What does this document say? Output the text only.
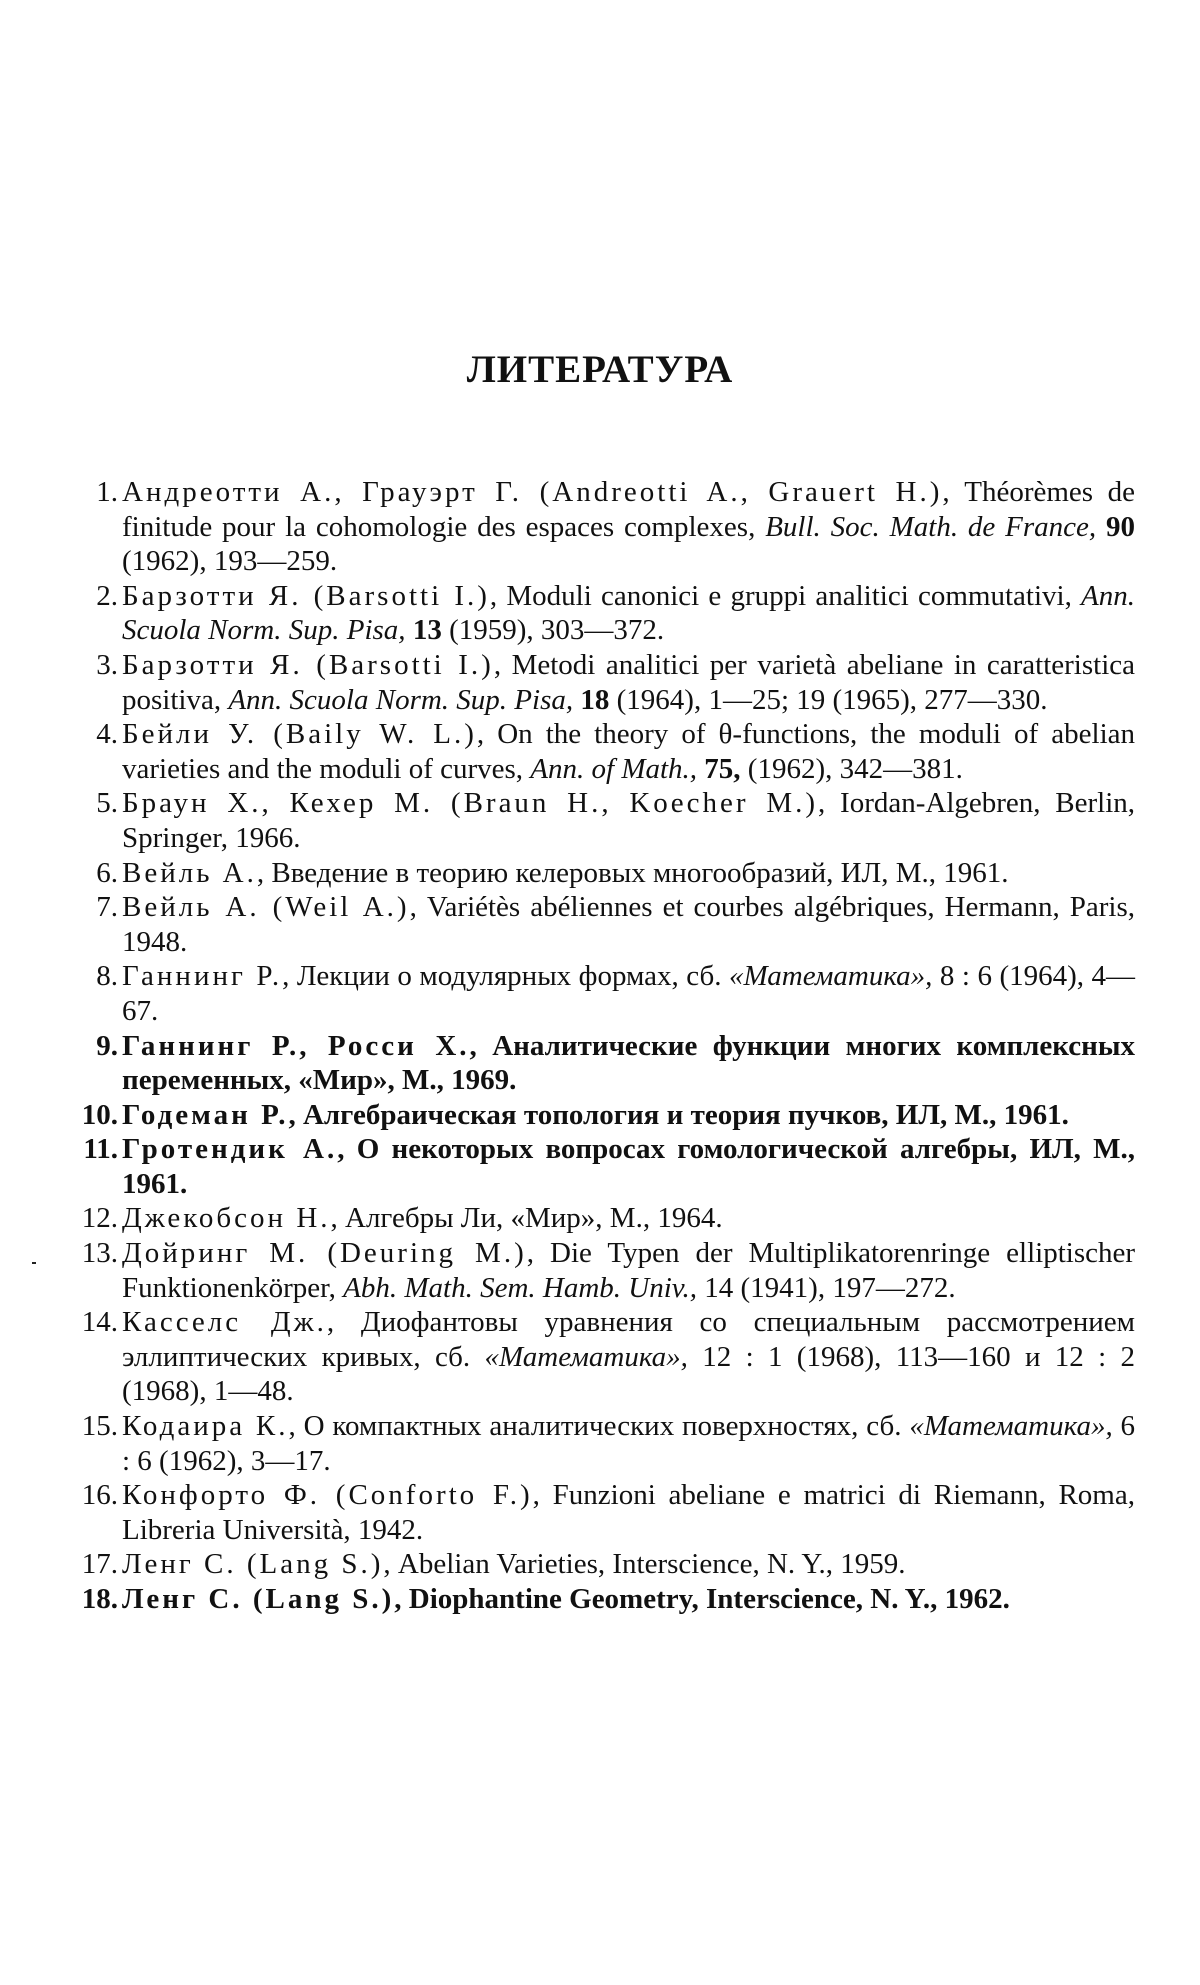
ЛИТЕРАТУРА
1. Андреотти А., Грауэрт Г. (Andreotti A., Grauert H.), Théorèmes de finitude pour la cohomologie des espaces complexes, Bull. Soc. Math. de France, 90 (1962), 193—259.
2. Барзотти Я. (Barsotti I.), Moduli canonici e gruppi analitici commutativi, Ann. Scuola Norm. Sup. Pisa, 13 (1959), 303—372.
3. Барзотти Я. (Barsotti I.), Metodi analitici per varietà abeliane in caratteristica positiva, Ann. Scuola Norm. Sup. Pisa, 18 (1964), 1—25; 19 (1965), 277—330.
4. Бейли У. (Baily W. L.), On the theory of θ-functions, the moduli of abelian varieties and the moduli of curves, Ann. of Math., 75, (1962), 342—381.
5. Браун Х., Кехер М. (Braun H., Koecher M.), Iordan-Algebren, Berlin, Springer, 1966.
6. Вейль А., Введение в теорию келеровых многообразий, ИЛ, М., 1961.
7. Вейль А. (Weil A.), Variétès abéliennes et courbes algébriques, Hermann, Paris, 1948.
8. Ганнинг Р., Лекции о модулярных формах, сб. «Математика», 8 : 6 (1964), 4—67.
9. Ганнинг Р., Росси Х., Аналитические функции многих комплексных переменных, «Мир», М., 1969.
10. Годеман Р., Алгебраическая топология и теория пучков, ИЛ, М., 1961.
11. Гротендик А., О некоторых вопросах гомологической алгебры, ИЛ, М., 1961.
12. Джекобсон Н., Алгебры Ли, «Мир», М., 1964.
13. Дойринг М. (Deuring M.), Die Typen der Multiplikatorenringe elliptischer Funktionenkörper, Abh. Math. Sem. Hamb. Univ., 14 (1941), 197—272.
14. Касселс Дж., Диофантовы уравнения со специальным рассмотрением эллиптических кривых, сб. «Математика», 12 : 1 (1968), 113—160 и 12 : 2 (1968), 1—48.
15. Кодаира К., О компактных аналитических поверхностях, сб. «Математика», 6 : 6 (1962), 3—17.
16. Конфорто Ф. (Conforto F.), Funzioni abeliane e matrici di Riemann, Roma, Libreria Università, 1942.
17. Ленг С. (Lang S.), Abelian Varieties, Interscience, N. Y., 1959.
18. Ленг С. (Lang S.), Diophantine Geometry, Interscience, N. Y., 1962.
